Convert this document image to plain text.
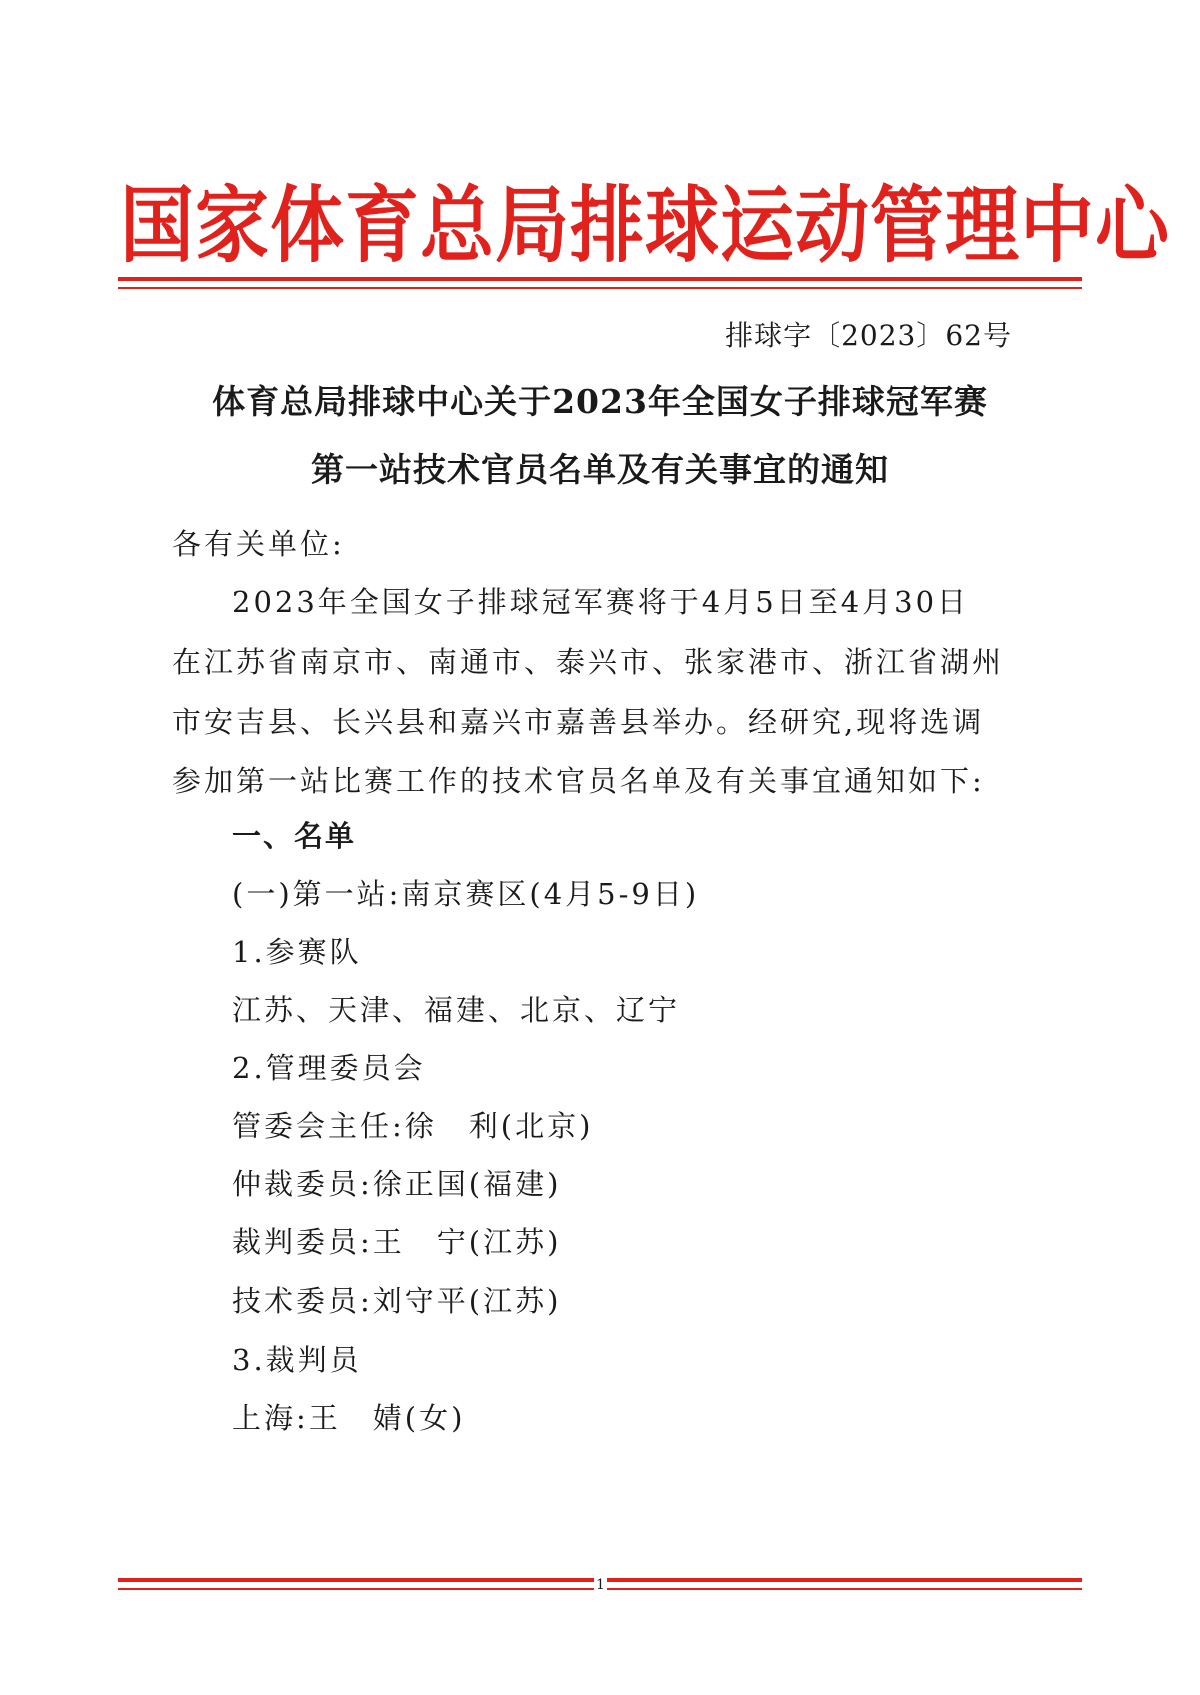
国家体育总局排球运动管理中心
排球字〔2023〕62号
体育总局排球中心关于2023年全国女子排球冠军赛
第一站技术官员名单及有关事宜的通知
各有关单位:
2023年全国女子排球冠军赛将于4月5日至4月30日
在江苏省南京市、南通市、泰兴市、张家港市、浙江省湖州
市安吉县、长兴县和嘉兴市嘉善县举办。经研究,现将选调
参加第一站比赛工作的技术官员名单及有关事宜通知如下:
一、名单
(一)第一站:南京赛区(4月5-9日)
1.参赛队
江苏、天津、福建、北京、辽宁
2.管理委员会
管委会主任:徐　利(北京)
仲裁委员:徐正国(福建)
裁判委员:王　宁(江苏)
技术委员:刘守平(江苏)
3.裁判员
上海:王　婧(女)
1
